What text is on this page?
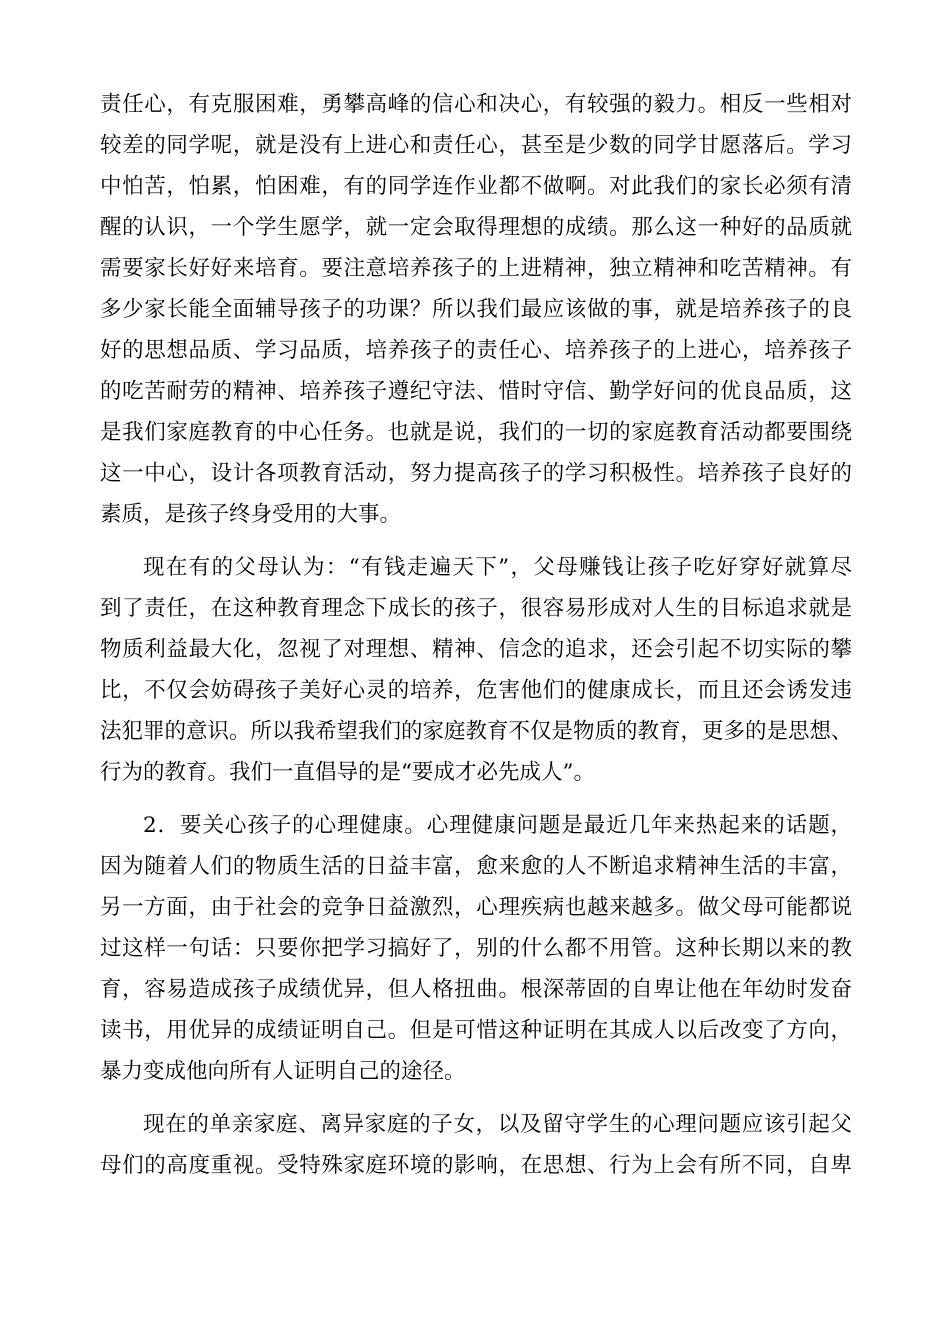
责任心，有克服困难，勇攀高峰的信心和决心，有较强的毅力。相反一些相对
较差的同学呢，就是没有上进心和责任心，甚至是少数的同学甘愿落后。学习
中怕苦，怕累，怕困难，有的同学连作业都不做啊。对此我们的家长必须有清
醒的认识，一个学生愿学，就一定会取得理想的成绩。那么这一种好的品质就
需要家长好好来培育。要注意培养孩子的上进精神，独立精神和吃苦精神。有
多少家长能全面辅导孩子的功课？所以我们最应该做的事，就是培养孩子的良
好的思想品质、学习品质，培养孩子的责任心、培养孩子的上进心，培养孩子
的吃苦耐劳的精神、培养孩子遵纪守法、惜时守信、勤学好问的优良品质，这
是我们家庭教育的中心任务。也就是说，我们的一切的家庭教育活动都要围绕
这一中心，设计各项教育活动，努力提高孩子的学习积极性。培养孩子良好的
素质，是孩子终身受用的大事。
现在有的父母认为：“有钱走遍天下”，父母赚钱让孩子吃好穿好就算尽
到了责任，在这种教育理念下成长的孩子，很容易形成对人生的目标追求就是
物质利益最大化，忽视了对理想、精神、信念的追求，还会引起不切实际的攀
比，不仅会妨碍孩子美好心灵的培养，危害他们的健康成长，而且还会诱发违
法犯罪的意识。所以我希望我们的家庭教育不仅是物质的教育，更多的是思想、
行为的教育。我们一直倡导的是“要成才必先成人”。
2．要关心孩子的心理健康。心理健康问题是最近几年来热起来的话题，
因为随着人们的物质生活的日益丰富，愈来愈的人不断追求精神生活的丰富，
另一方面，由于社会的竞争日益激烈，心理疾病也越来越多。做父母可能都说
过这样一句话：只要你把学习搞好了，别的什么都不用管。这种长期以来的教
育，容易造成孩子成绩优异，但人格扭曲。根深蒂固的自卑让他在年幼时发奋
读书，用优异的成绩证明自己。但是可惜这种证明在其成人以后改变了方向，
暴力变成他向所有人证明自己的途径。
现在的单亲家庭、离异家庭的子女，以及留守学生的心理问题应该引起父
母们的高度重视。受特殊家庭环境的影响，在思想、行为上会有所不同，自卑
